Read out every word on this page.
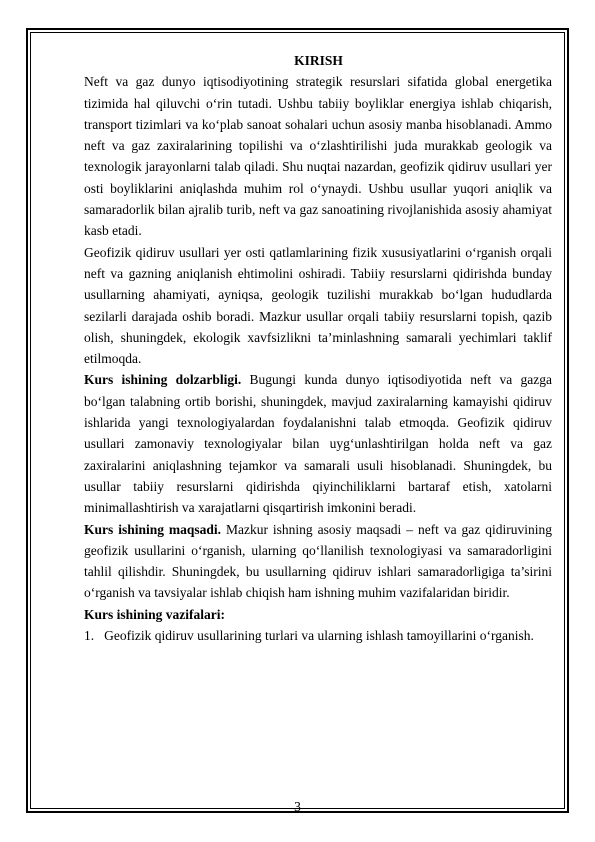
KIRISH

Neft va gaz dunyo iqtisodiyotining strategik resurslari sifatida global energetika tizimida hal qiluvchi o‘rin tutadi. Ushbu tabiiy boyliklar energiya ishlab chiqarish, transport tizimlari va ko‘plab sanoat sohalari uchun asosiy manba hisoblanadi. Ammo neft va gaz zaxiralarining topilishi va o‘zlashtirilishi juda murakkab geologik va texnologik jarayonlarni talab qiladi. Shu nuqtai nazardan, geofizik qidiruv usullari yer osti boyliklarini aniqlashda muhim rol o‘ynaydi. Ushbu usullar yuqori aniqlik va samaradorlik bilan ajralib turib, neft va gaz sanoatining rivojlanishida asosiy ahamiyat kasb etadi.

Geofizik qidiruv usullari yer osti qatlamlarining fizik xususiyatlarini o‘rganish orqali neft va gazning aniqlanish ehtimolini oshiradi. Tabiiy resurslarni qidirishda bunday usullarning ahamiyati, ayniqsa, geologik tuzilishi murakkab bo‘lgan hududlarda sezilarli darajada oshib boradi. Mazkur usullar orqali tabiiy resurslarni topish, qazib olish, shuningdek, ekologik xavfsizlikni ta’minlashning samarali yechimlari taklif etilmoqda.

Kurs ishining dolzarbligi. Bugungi kunda dunyo iqtisodiyotida neft va gazga bo‘lgan talabning ortib borishi, shuningdek, mavjud zaxiralarning kamayishi qidiruv ishlarida yangi texnologiyalardan foydalanishni talab etmoqda. Geofizik qidiruv usullari zamonaviy texnologiyalar bilan uyg‘unlashtirilgan holda neft va gaz zaxiralarini aniqlashning tejamkor va samarali usuli hisoblanadi. Shuningdek, bu usullar tabiiy resurslarni qidirishda qiyinchiliklarni bartaraf etish, xatolarni minimallashtirish va xarajatlarni qisqartirish imkonini beradi.

Kurs ishining maqsadi. Mazkur ishning asosiy maqsadi – neft va gaz qidiruvining geofizik usullarini o‘rganish, ularning qo‘llanilish texnologiyasi va samaradorligini tahlil qilishdir. Shuningdek, bu usullarning qidiruv ishlari samaradorligiga ta’sirini o‘rganish va tavsiyalar ishlab chiqish ham ishning muhim vazifalaridan biridir.

Kurs ishining vazifalari:

1. Geofizik qidiruv usullarining turlari va ularning ishlash tamoyillarini o‘rganish.

3
